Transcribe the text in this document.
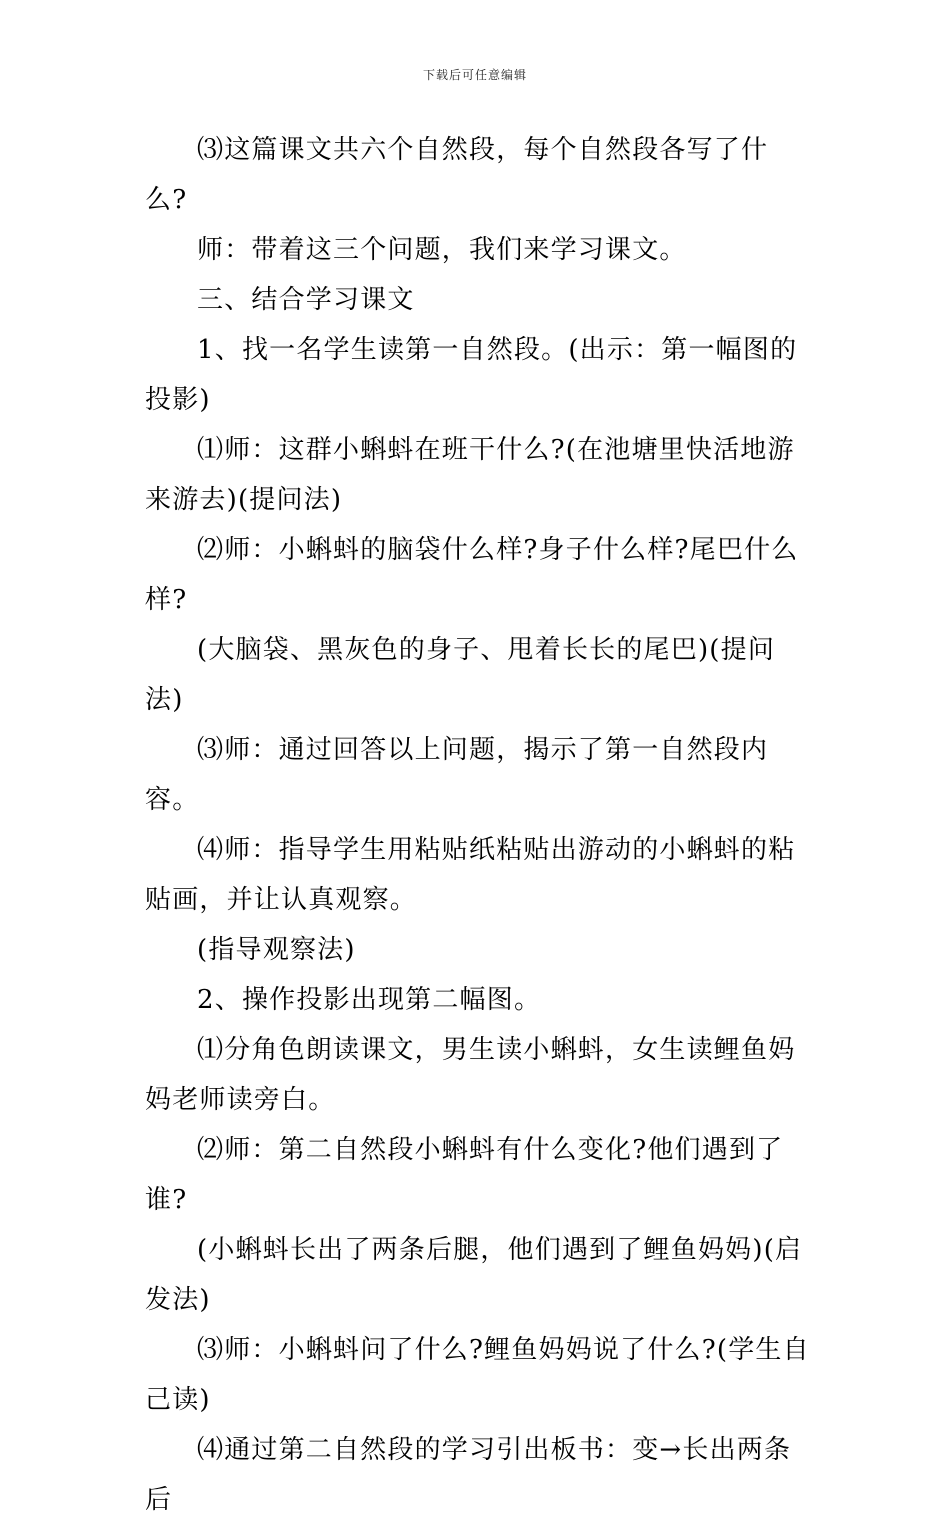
下载后可任意编辑

⑶这篇课文共六个自然段，每个自然段各写了什么?

师：带着这三个问题，我们来学习课文。

三、结合学习课文

1、找一名学生读第一自然段。(出示：第一幅图的投影)

⑴师：这群小蝌蚪在班干什么?(在池塘里快活地游来游去)(提问法)

⑵师：小蝌蚪的脑袋什么样?身子什么样?尾巴什么样?

(大脑袋、黑灰色的身子、甩着长长的尾巴)(提问法)

⑶师：通过回答以上问题，揭示了第一自然段内容。

⑷师：指导学生用粘贴纸粘贴出游动的小蝌蚪的粘贴画，并让认真观察。

(指导观察法)

2、操作投影出现第二幅图。

⑴分角色朗读课文，男生读小蝌蚪，女生读鲤鱼妈妈老师读旁白。

⑵师：第二自然段小蝌蚪有什么变化?他们遇到了谁?

(小蝌蚪长出了两条后腿，他们遇到了鲤鱼妈妈)(启发法)

⑶师：小蝌蚪问了什么?鲤鱼妈妈说了什么?(学生自己读)

⑷通过第二自然段的学习引出板书：变→长出两条后
